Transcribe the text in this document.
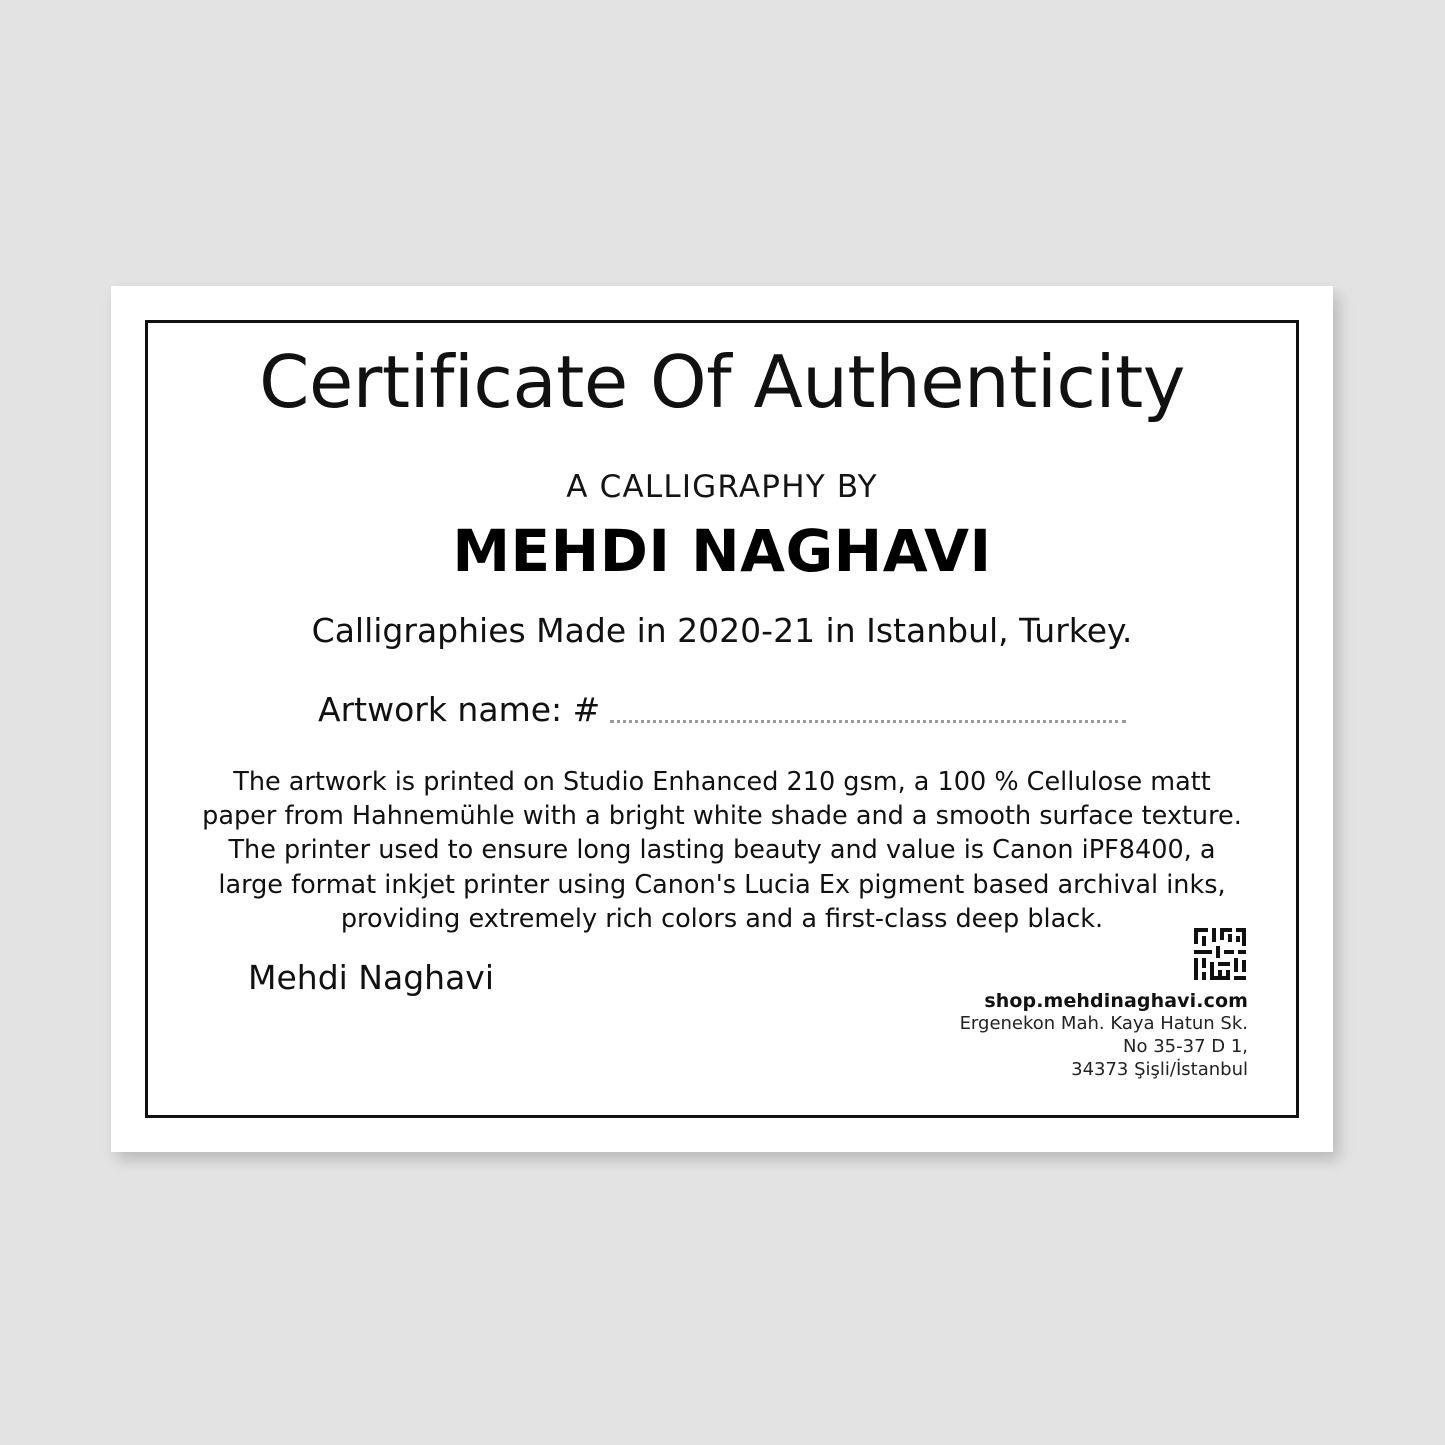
Certificate Of Authenticity
A CALLIGRAPHY BY
MEHDI NAGHAVI
Calligraphies Made in 2020-21 in Istanbul, Turkey.
Artwork name: #
The artwork is printed on Studio Enhanced 210 gsm, a 100 % Cellulose matt paper from Hahnemühle with a bright white shade and a smooth surface texture. The printer used to ensure long lasting beauty and value is Canon iPF8400, a large format inkjet printer using Canon's Lucia Ex pigment based archival inks, providing extremely rich colors and a first-class deep black.
Mehdi Naghavi
shop.mehdinaghavi.com
Ergenekon Mah. Kaya Hatun Sk.
No 35-37 D 1,
34373 Şişli/İstanbul
